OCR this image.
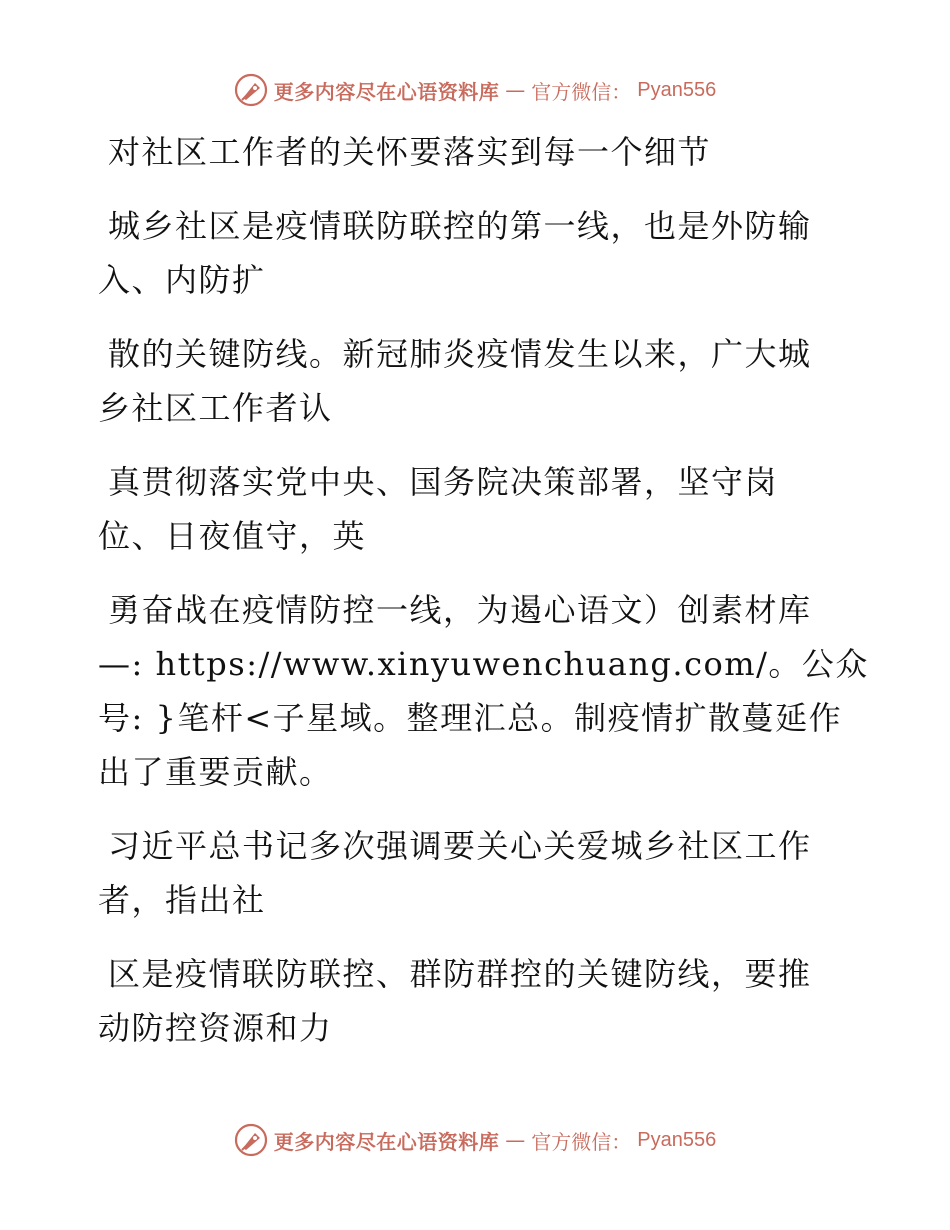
更多内容尽在心语资料库 — 官方微信： Pyan556

对社区工作者的关怀要落实到每一个细节

城乡社区是疫情联防联控的第一线，也是外防输
入、内防扩

散的关键防线。新冠肺炎疫情发生以来，广大城
乡社区工作者认

真贯彻落实党中央、国务院决策部署，坚守岗
位、日夜值守，英

勇奋战在疫情防控一线，为遏心语文）创素材库
—: https://www.xinyuwenchuang.com/。公众
号: }笔杆<子星域。整理汇总。制疫情扩散蔓延作
出了重要贡献。

习近平总书记多次强调要关心关爱城乡社区工作
者，指出社

区是疫情联防联控、群防群控的关键防线，要推
动防控资源和力

更多内容尽在心语资料库 — 官方微信： Pyan556
